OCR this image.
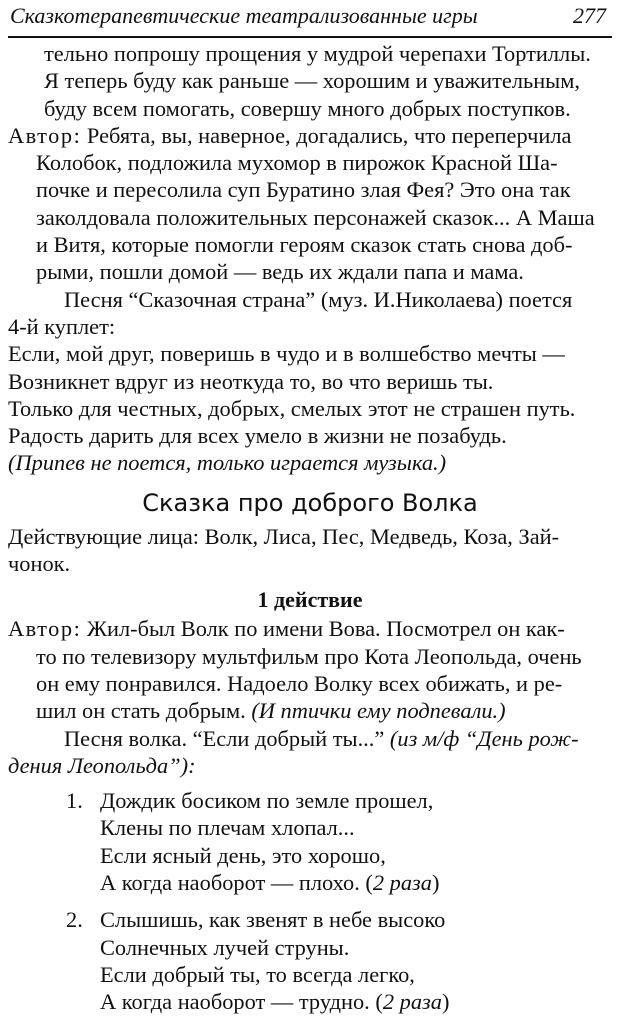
Сказкотерапевтические театрализованные игры	277
тельно попрошу прощения у мудрой черепахи Тортиллы.
Я теперь буду как раньше — хорошим и уважительным,
буду всем помогать, совершу много добрых поступков.
Автор: Ребята, вы, наверное, догадались, что переперчила
Колобок, подложила мухомор в пирожок Красной Ша-
почке и пересолила суп Буратино злая Фея? Это она так
заколдовала положительных персонажей сказок... А Маша
и Витя, которые помогли героям сказок стать снова доб-
рыми, пошли домой — ведь их ждали папа и мама.
Песня “Сказочная страна” (муз. И.Николаева) поется
4-й куплет:
Если, мой друг, поверишь в чудо и в волшебство мечты —
Возникнет вдруг из неоткуда то, во что веришь ты.
Только для честных, добрых, смелых этот не страшен путь.
Радость дарить для всех умело в жизни не позабудь.
(Припев не поется, только играется музыка.)
Сказка про доброго Волка
Действующие лица: Волк, Лиса, Пес, Медведь, Коза, Зай-
чонок.
1 действие
Автор: Жил-был Волк по имени Вова. Посмотрел он как-
то по телевизору мультфильм про Кота Леопольда, очень
он ему понравился. Надоело Волку всех обижать, и ре-
шил он стать добрым. (И птички ему подпевали.)
Песня волка. “Если добрый ты...” (из м/ф “День рож-
дения Леопольда”):
1. Дождик босиком по земле прошел,
Клены по плечам хлопал...
Если ясный день, это хорошо,
А когда наоборот — плохо. (2 раза)
2. Слышишь, как звенят в небе высоко
Солнечных лучей струны.
Если добрый ты, то всегда легко,
А когда наоборот — трудно. (2 раза)
